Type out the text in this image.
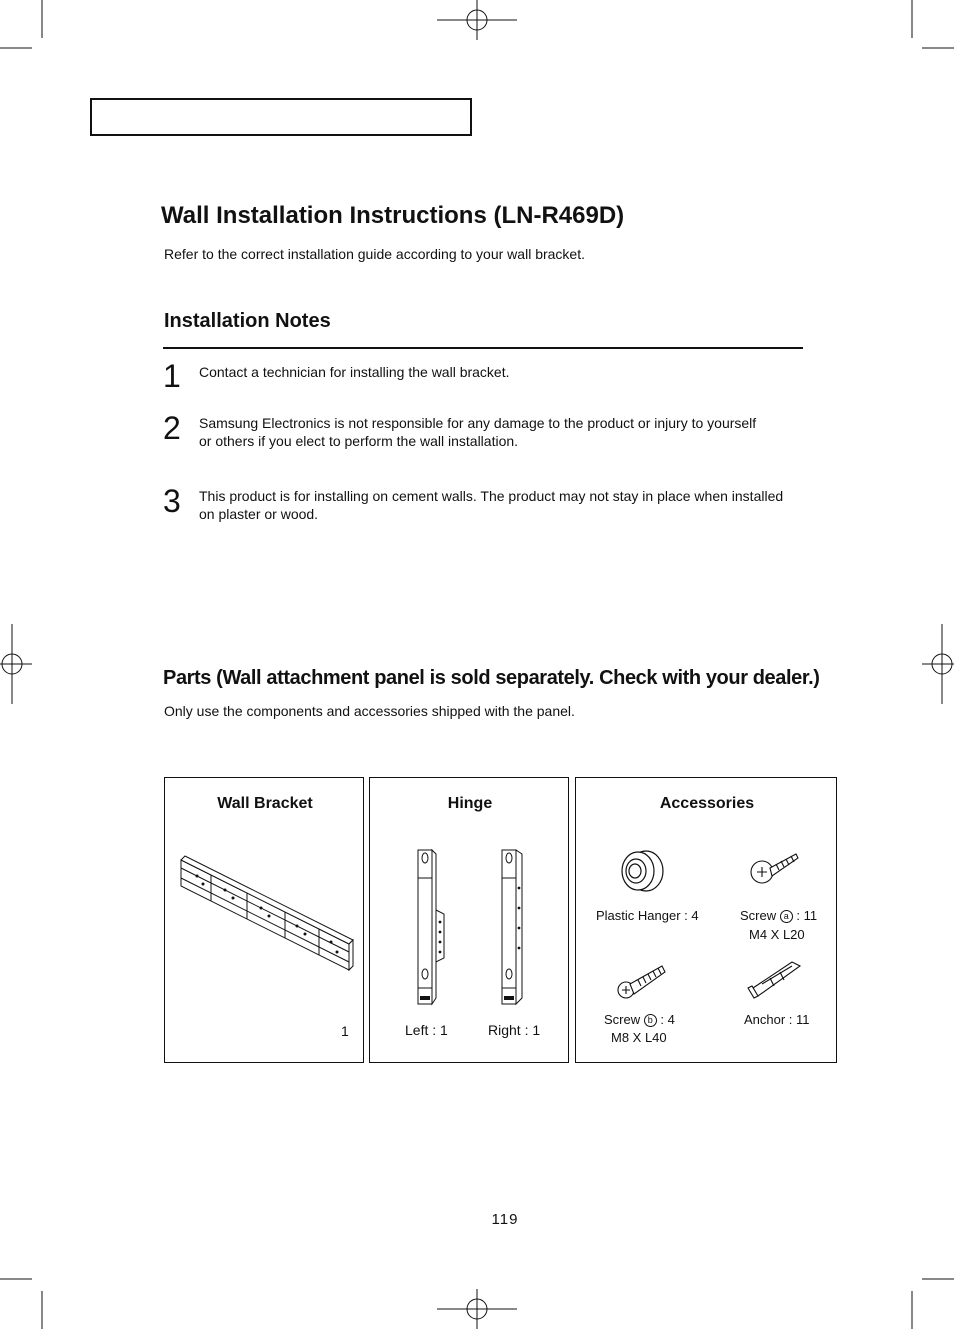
Wall Installation Instructions (LN-R469D)
Refer to the correct installation guide according to your wall bracket.
Installation Notes
1 Contact a technician for installing the wall bracket.
2 Samsung Electronics is not responsible for any damage to the product or injury to yourself or others if you elect to perform the wall installation.
3 This product is for installing on cement walls. The product may not stay in place when installed on plaster or wood.
Parts (Wall attachment panel is sold separately. Check with your dealer.)
Only use the components and accessories shipped with the panel.
Wall Bracket
1
Hinge
Left : 1	Right : 1
Accessories
Plastic Hanger : 4	Screw a : 11
M4 X L20
Screw b : 4
M8 X L40
Anchor : 11
119
